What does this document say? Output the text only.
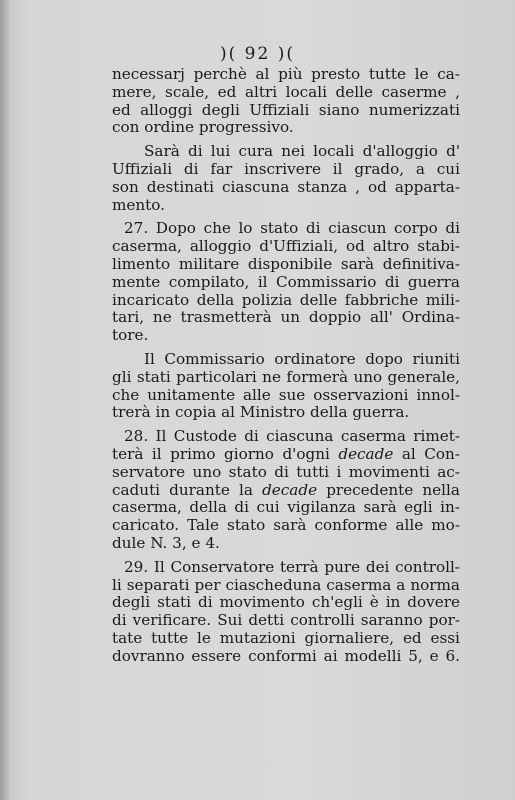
)( 92 )(
necessarj perchè al più presto tutte le ca-
mere, scale, ed altri locali delle caserme ,
ed alloggi degli Uffiziali siano numerizzati
con ordine progressivo.
Sarà di lui cura nei locali d'alloggio d'
Uffiziali di far inscrivere il grado, a cui
son destinati ciascuna stanza , od apparta-
mento.
27. Dopo che lo stato di ciascun corpo di
caserma, alloggio d'Uffiziali, od altro stabi-
limento militare disponibile sarà definitiva-
mente compilato, il Commissario di guerra
incaricato della polizia delle fabbriche mili-
tari, ne trasmetterà un doppio all' Ordina-
tore.
Il Commissario ordinatore dopo riuniti
gli stati particolari ne formerà uno generale,
che unitamente alle sue osservazioni innol-
trerà in copia al Ministro della guerra.
28. Il Custode di ciascuna caserma rimet-
terà il primo giorno d'ogni decade al Con-
servatore uno stato di tutti i movimenti ac-
caduti durante la decade precedente nella
caserma, della di cui vigilanza sarà egli in-
caricato. Tale stato sarà conforme alle mo-
dule N. 3, e 4.
29. Il Conservatore terrà pure dei controll-
li separati per ciascheduna caserma a norma
degli stati di movimento ch'egli è in dovere
di verificare. Sui detti controlli saranno por-
tate tutte le mutazioni giornaliere, ed essi
dovranno essere conformi ai modelli 5, e 6.
